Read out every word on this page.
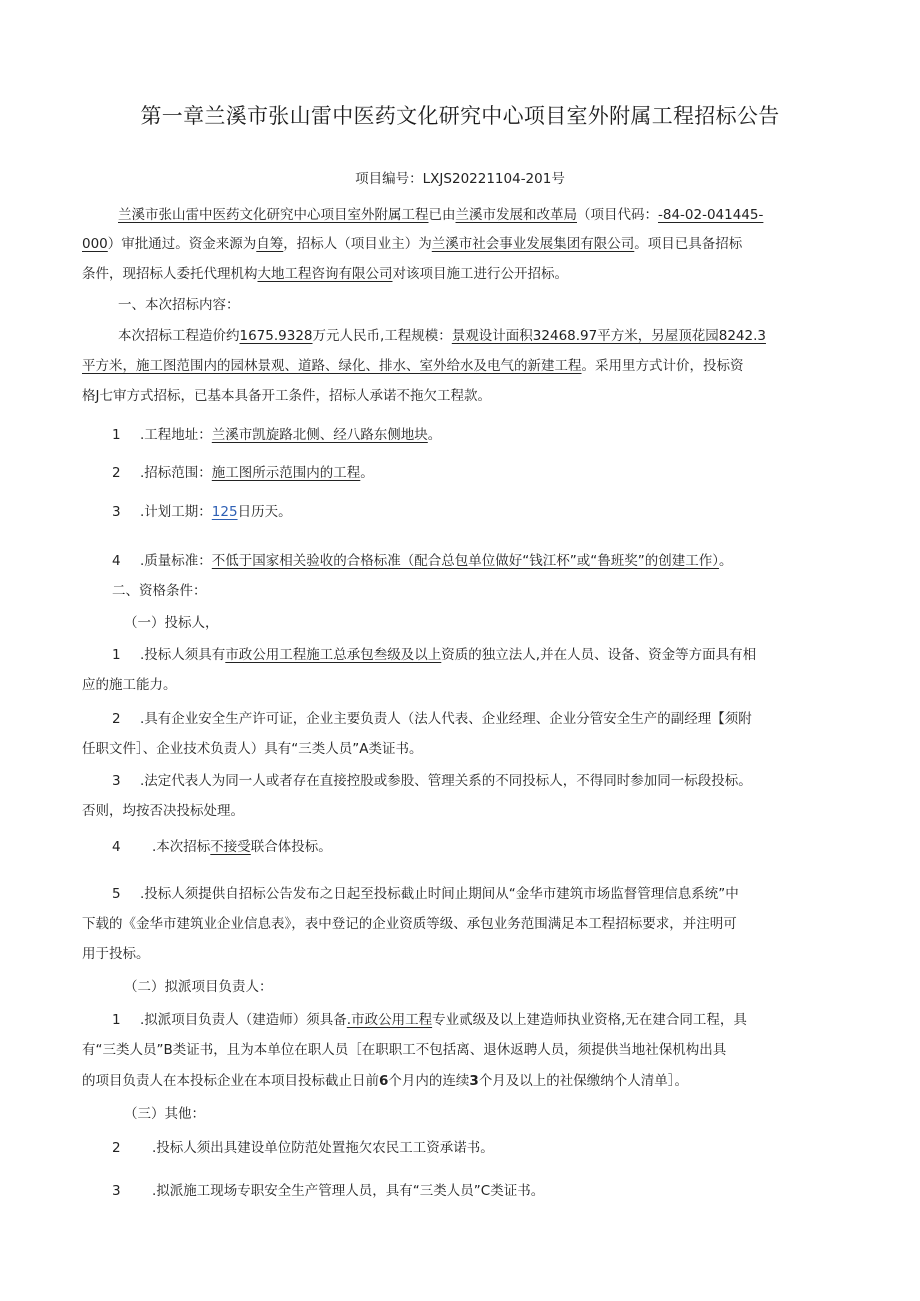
第一章兰溪市张山雷中医药文化研究中心项目室外附属工程招标公告
项目编号：LXJS20221104-201号
兰溪市张山雷中医药文化研究中心项目室外附属工程已由兰溪市发展和改革局（项目代码：-84-02-041445-
000）审批通过。资金来源为自筹，招标人（项目业主）为兰溪市社会事业发展集团有限公司。项目已具备招标
条件，现招标人委托代理机构大地工程咨询有限公司对该项目施工进行公开招标。
一、本次招标内容：
本次招标工程造价约1675.9328万元人民币,工程规模：景观设计面积32468.97平方米，另屋顶花园8242.3
平方米，施工图范围内的园林景观、道路、绿化、排水、室外给水及电气的新建工程。采用里方式计价，投标资
格J七审方式招标，已基本具备开工条件，招标人承诺不拖欠工程款。
1 .工程地址：兰溪市凯旋路北侧、经八路东侧地块。
2 .招标范围：施工图所示范围内的工程。
3 .计划工期：125日历天。
4 .质量标准：不低于国家相关验收的合格标准（配合总包单位做好“钱江杯”或“鲁班奖”的创建工作）。
二、资格条件：
（一）投标人，
1 .投标人须具有市政公用工程施工总承包叁级及以上资质的独立法人,并在人员、设备、资金等方面具有相
应的施工能力。
2 .具有企业安全生产许可证，企业主要负责人（法人代表、企业经理、企业分管安全生产的副经理【须附
任职文件］、企业技术负责人）具有“三类人员”A类证书。
3 .法定代表人为同一人或者存在直接控股或参股、管理关系的不同投标人，不得同时参加同一标段投标。
否则，均按否决投标处理。
4 .本次招标不接受联合体投标。
5 .投标人须提供自招标公告发布之日起至投标截止时间止期间从“金华市建筑市场监督管理信息系统”中
下载的《金华市建筑业企业信息表》，表中登记的企业资质等级、承包业务范围满足本工程招标要求，并注明可
用于投标。
（二）拟派项目负责人：
1 .拟派项目负责人（建造师）须具备.市政公用工程专业贰级及以上建造师执业资格,无在建合同工程，具
有“三类人员”B类证书，且为本单位在职人员［在职职工不包括离、退休返聘人员，须提供当地社保机构出具
的项目负责人在本投标企业在本项目投标截止日前6个月内的连续3个月及以上的社保缴纳个人清单］。
（三）其他：
2 .投标人须出具建设单位防范处置拖欠农民工工资承诺书。
3 .拟派施工现场专职安全生产管理人员，具有“三类人员”C类证书。
